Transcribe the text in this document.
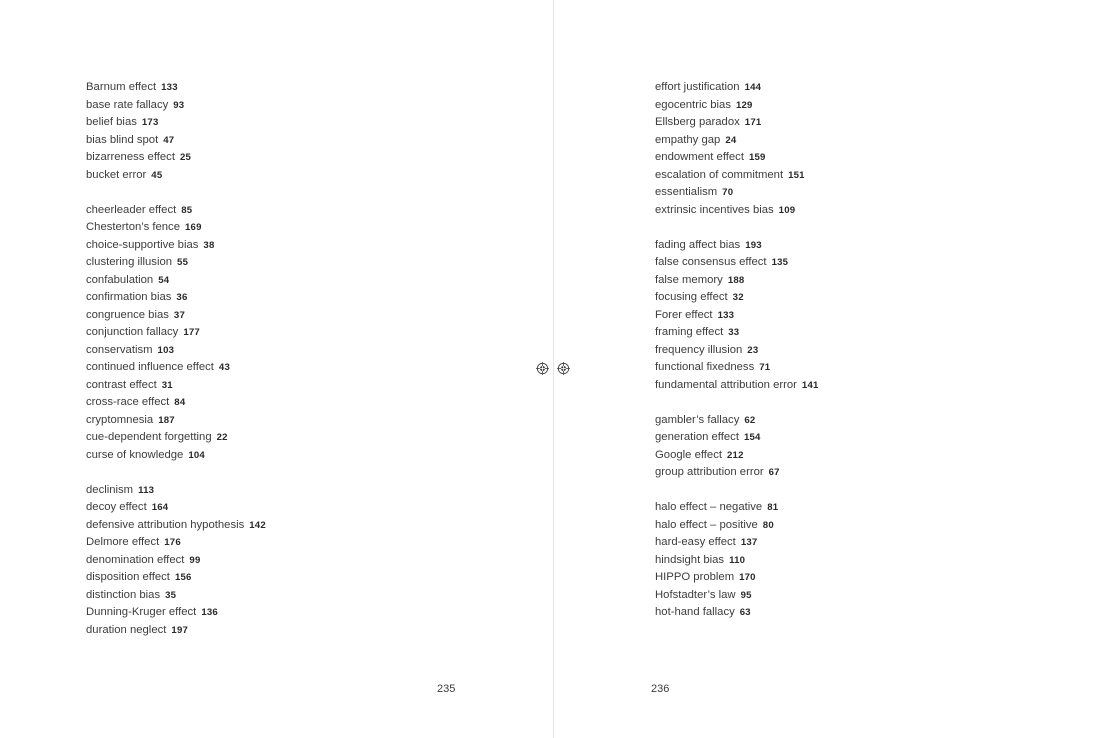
Barnum effect 133
base rate fallacy 93
belief bias 173
bias blind spot 47
bizarreness effect 25
bucket error 45
cheerleader effect 85
Chesterton’s fence 169
choice-supportive bias 38
clustering illusion 55
confabulation 54
confirmation bias 36
congruence bias 37
conjunction fallacy 177
conservatism 103
continued influence effect 43
contrast effect 31
cross-race effect 84
cryptomnesia 187
cue-dependent forgetting 22
curse of knowledge 104
declinism 113
decoy effect 164
defensive attribution hypothesis 142
Delmore effect 176
denomination effect 99
disposition effect 156
distinction bias 35
Dunning-Kruger effect 136
duration neglect 197
effort justification 144
egocentric bias 129
Ellsberg paradox 171
empathy gap 24
endowment effect 159
escalation of commitment 151
essentialism 70
extrinsic incentives bias 109
fading affect bias 193
false consensus effect 135
false memory 188
focusing effect 32
Forer effect 133
framing effect 33
frequency illusion 23
functional fixedness 71
fundamental attribution error 141
gambler’s fallacy 62
generation effect 154
Google effect 212
group attribution error 67
halo effect – negative 81
halo effect – positive 80
hard-easy effect 137
hindsight bias 110
HIPPO problem 170
Hofstadter’s law 95
hot-hand fallacy 63
235	236
